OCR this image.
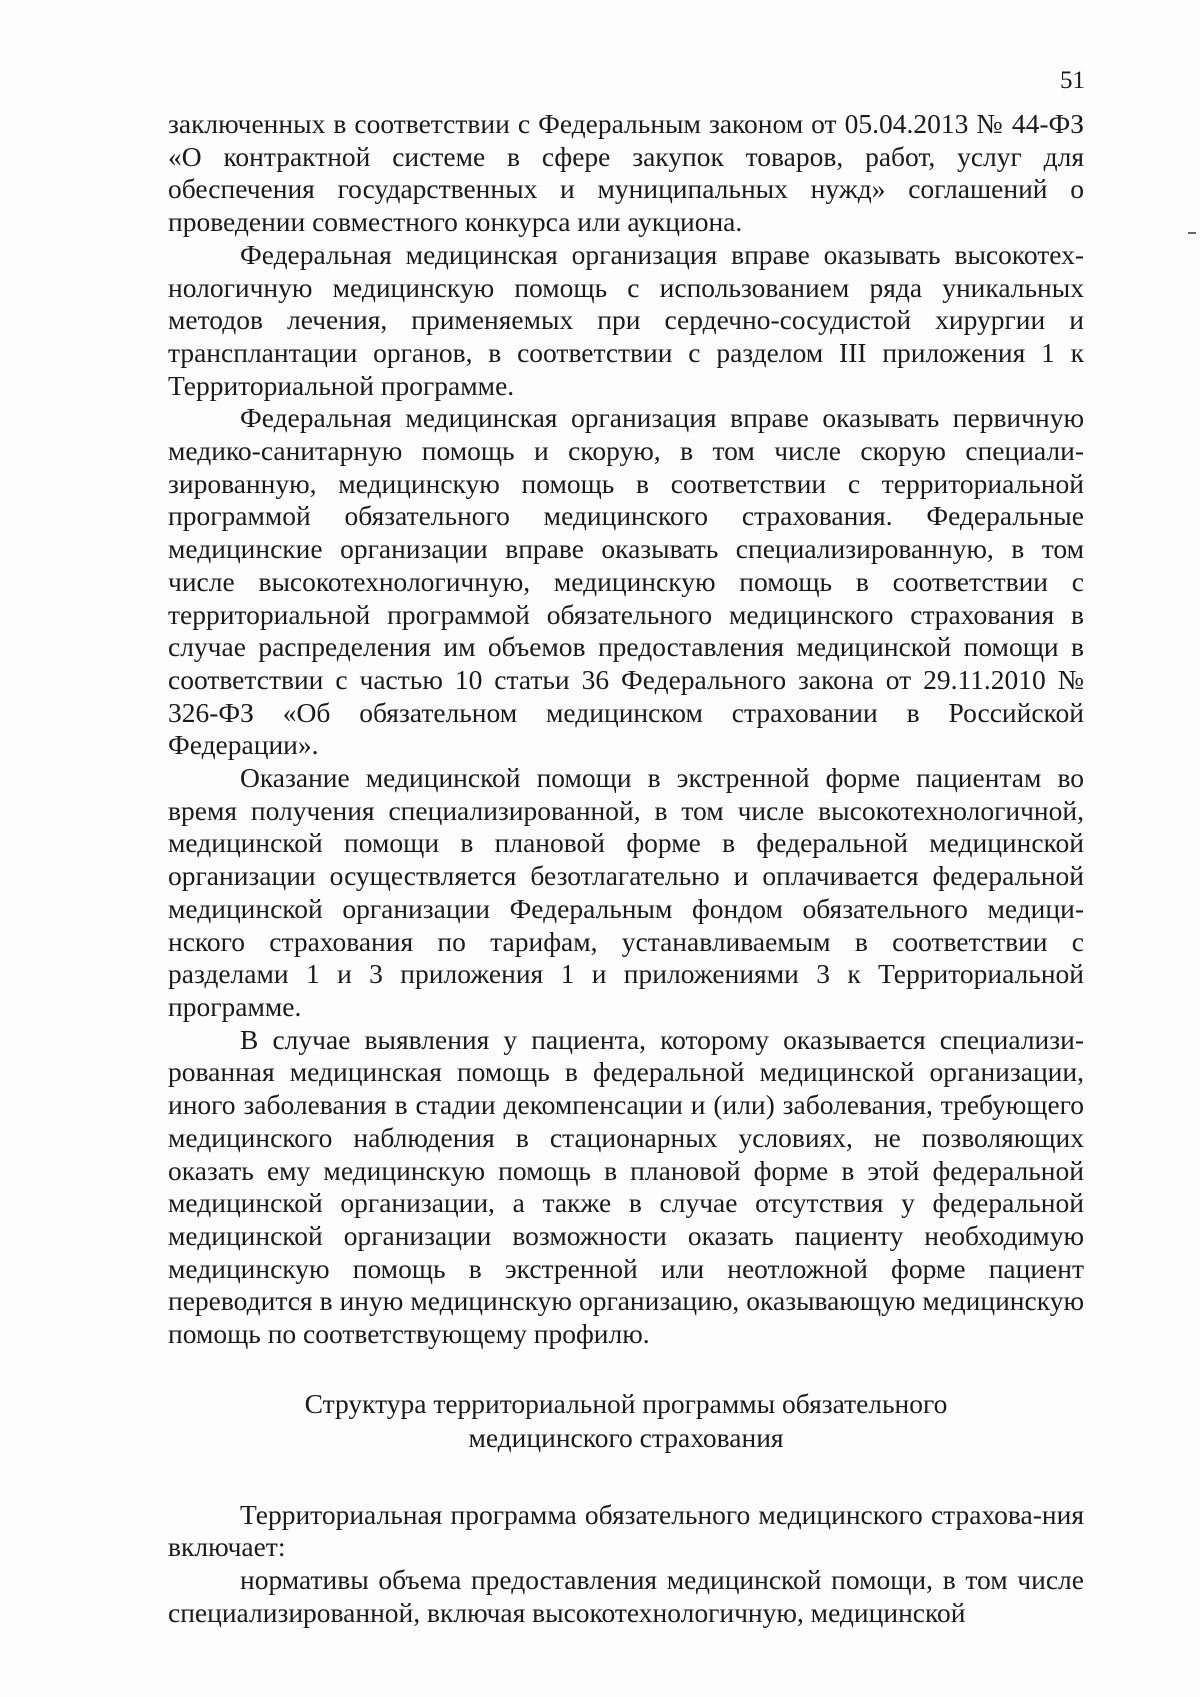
51

заключенных в соответствии с Федеральным законом от 05.04.2013 № 44-ФЗ «О контрактной системе в сфере закупок товаров, работ, услуг для обеспечения государственных и муниципальных нужд» соглашений о проведении совместного конкурса или аукциона.

Федеральная медицинская организация вправе оказывать высокотех-нологичную медицинскую помощь с использованием ряда уникальных методов лечения, применяемых при сердечно-сосудистой хирургии и трансплантации органов, в соответствии с разделом III приложения 1 к Территориальной программе.

Федеральная медицинская организация вправе оказывать первичную медико-санитарную помощь и скорую, в том числе скорую специали-зированную, медицинскую помощь в соответствии с территориальной программой обязательного медицинского страхования. Федеральные медицинские организации вправе оказывать специализированную, в том числе высокотехнологичную, медицинскую помощь в соответствии с территориальной программой обязательного медицинского страхования в случае распределения им объемов предоставления медицинской помощи в соответствии с частью 10 статьи 36 Федерального закона от 29.11.2010 № 326-ФЗ «Об обязательном медицинском страховании в Российской Федерации».

Оказание медицинской помощи в экстренной форме пациентам во время получения специализированной, в том числе высокотехнологичной, медицинской помощи в плановой форме в федеральной медицинской организации осуществляется безотлагательно и оплачивается федеральной медицинской организации Федеральным фондом обязательного медици-нского страхования по тарифам, устанавливаемым в соответствии с разделами 1 и 3 приложения 1 и приложениями 3 к Территориальной программе.

В случае выявления у пациента, которому оказывается специализи-рованная медицинская помощь в федеральной медицинской организации, иного заболевания в стадии декомпенсации и (или) заболевания, требующего медицинского наблюдения в стационарных условиях, не позволяющих оказать ему медицинскую помощь в плановой форме в этой федеральной медицинской организации, а также в случае отсутствия у федеральной медицинской организации возможности оказать пациенту необходимую медицинскую помощь в экстренной или неотложной форме пациент переводится в иную медицинскую организацию, оказывающую медицинскую помощь по соответствующему профилю.

Структура территориальной программы обязательного
медицинского страхования

Территориальная программа обязательного медицинского страхова-ния включает:

нормативы объема предоставления медицинской помощи, в том числе специализированной, включая высокотехнологичную, медицинской
